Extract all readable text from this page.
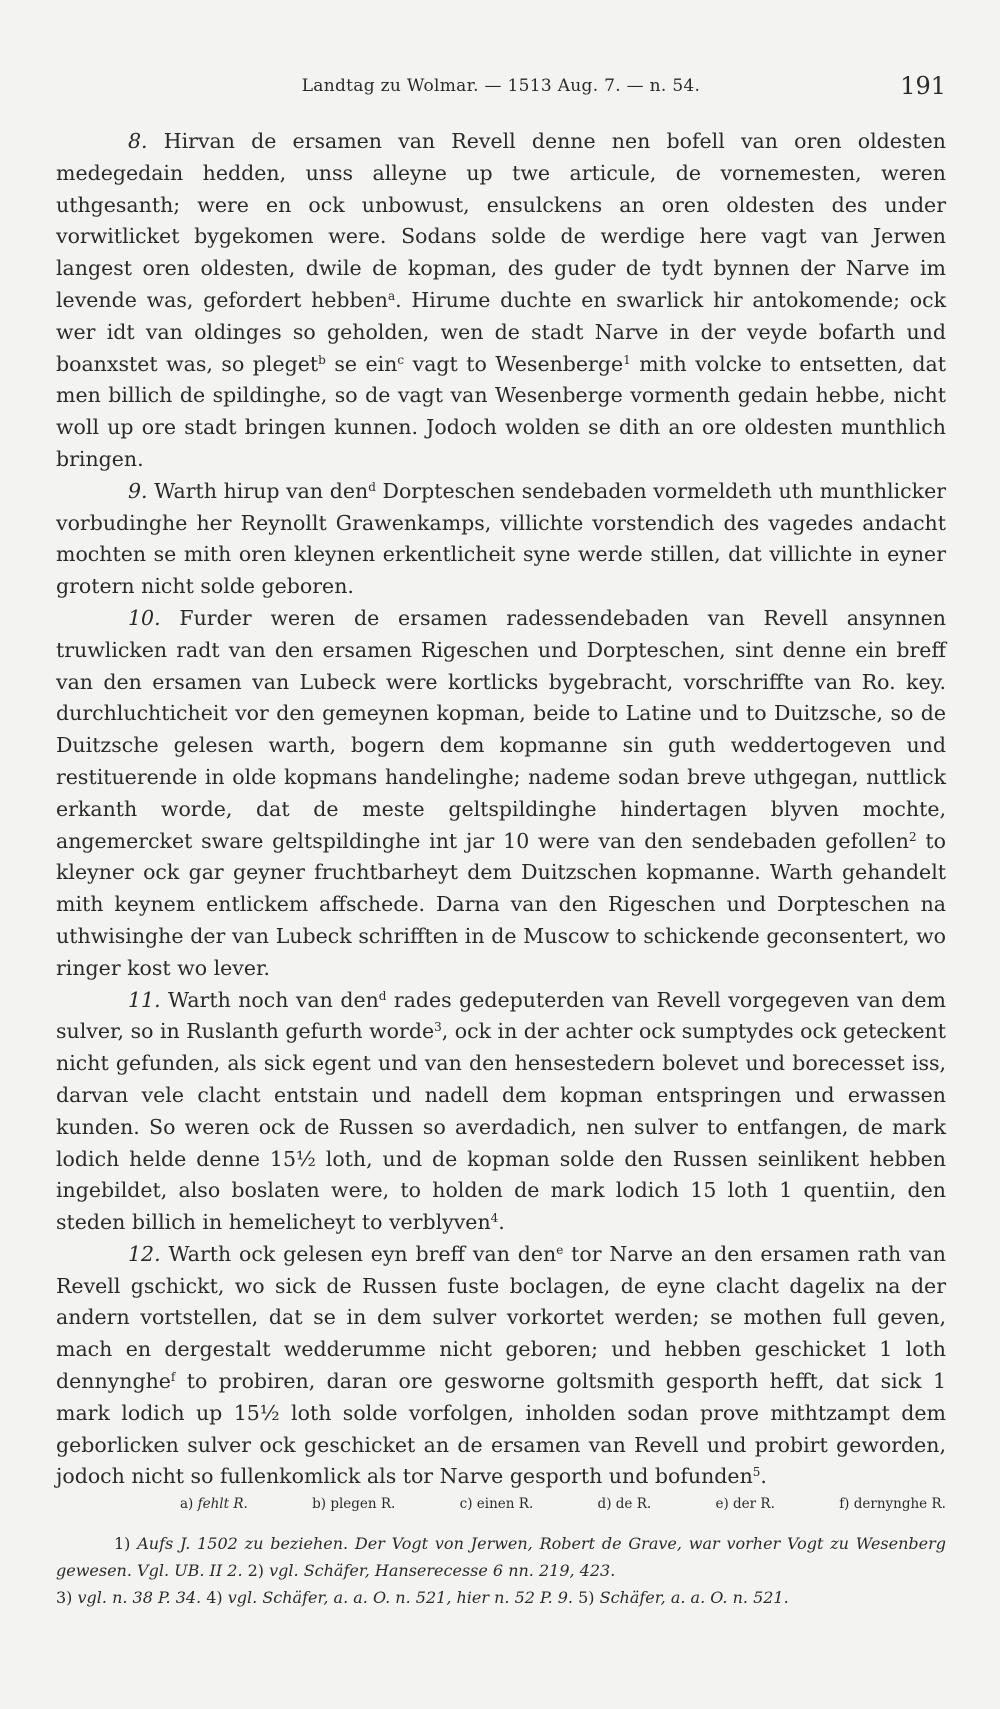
Landtag zu Wolmar. — 1513 Aug. 7. — n. 54.	191

8. Hirvan de ersamen van Revell denne nen bofell van oren oldesten medegedain hedden, unss alleyne up twe articule, de vornemesten, weren uthgesanth; were en ock unbowust, ensulckens an oren oldesten des under vorwitlicket bygekomen were. Sodans solde de werdige here vagt van Jerwen langest oren oldesten, dwile de kopman, des guder de tydt bynnen der Narve im levende was, gefordert hebben$^a$. Hirume duchte en swarlick hir antokomende; ock wer idt van oldinges so geholden, wen de stadt Narve in der veyde bofarth und boanxstet was, so pleget$^b$ se ein$^c$ vagt to Wesenberge$^1$ mith volcke to entsetten, dat men billich de spildinghe, so de vagt van Wesenberge vormenth gedain hebbe, nicht woll up ore stadt bringen kunnen. Jodoch wolden se dith an ore oldesten munthlich bringen.

9. Warth hirup van den$^d$ Dorpteschen sendebaden vormeldeth uth munthlicker vorbudinghe her Reynollt Grawenkamps, villichte vorstendich des vagedes andacht mochten se mith oren kleynen erkentlicheit syne werde stillen, dat villichte in eyner grotern nicht solde geboren.

10. Furder weren de ersamen radessendebaden van Revell ansynnen truwlicken radt van den ersamen Rigeschen und Dorpteschen, sint denne ein breff van den ersamen van Lubeck were kortlicks bygebracht, vorschriffte van Ro. key. durchluchticheit vor den gemeynen kopman, beide to Latine und to Duitzsche, so de Duitzsche gelesen warth, bogern dem kopmanne sin guth weddertogeven und restituerende in olde kopmans handelinghe; nademe sodan breve uthgegan, nuttlick erkanth worde, dat de meste geltspildinghe hindertagen blyven mochte, angemercket sware geltspildinghe int jar 10 were van den sendebaden gefollen$^2$ to kleyner ock gar geyner fruchtbarheyt dem Duitzschen kopmanne. Warth gehandelt mith keynem entlickem affschede. Darna van den Rigeschen und Dorpteschen na uthwisinghe der van Lubeck schrifften in de Muscow to schickende geconsentert, wo ringer kost wo lever.

11. Warth noch van den$^d$ rades gedeputerden van Revell vorgegeven van dem sulver, so in Ruslanth gefurth worde$^3$, ock in der achter ock sumptydes ock geteckent nicht gefunden, als sick egent und van den hensestedern bolevet und borecesset iss, darvan vele clacht entstain und nadell dem kopman entspringen und erwassen kunden. So weren ock de Russen so averdadich, nen sulver to entfangen, de mark lodich helde denne 15½ loth, und de kopman solde den Russen seinlikent hebben ingebildet, also boslaten were, to holden de mark lodich 15 loth 1 quentiin, den steden billich in hemelicheyt to verblyven$^4$.

12. Warth ock gelesen eyn breff van den$^e$ tor Narve an den ersamen rath van Revell gschickt, wo sick de Russen fuste boclagen, de eyne clacht dagelix na der andern vortstellen, dat se in dem sulver vorkortet werden; se mothen full geven, mach en dergestalt wedderumme nicht geboren; und hebben geschicket 1 loth dennynghe$^f$ to probiren, daran ore gesworne goltsmith gesporth hefft, dat sick 1 mark lodich up 15½ loth solde vorfolgen, inholden sodan prove mithtzampt dem geborlicken sulver ock geschicket an de ersamen van Revell und probirt geworden, jodoch nicht so fullenkomlick als tor Narve gesporth und bofunden$^5$.

a) fehlt R.	b) plegen R.	c) einen R.	d) de R.	e) der R.	f) dernynghe R.

1) Aufs J. 1502 zu beziehen. Der Vogt von Jerwen, Robert de Grave, war vorher Vogt zu Wesenberg gewesen. Vgl. UB. II 2. 2) vgl. Schäfer, Hanserecesse 6 nn. 219, 423.

3) vgl. n. 38 P. 34. 4) vgl. Schäfer, a. a. O. n. 521, hier n. 52 P. 9. 5) Schäfer, a. a. O. n. 521.
